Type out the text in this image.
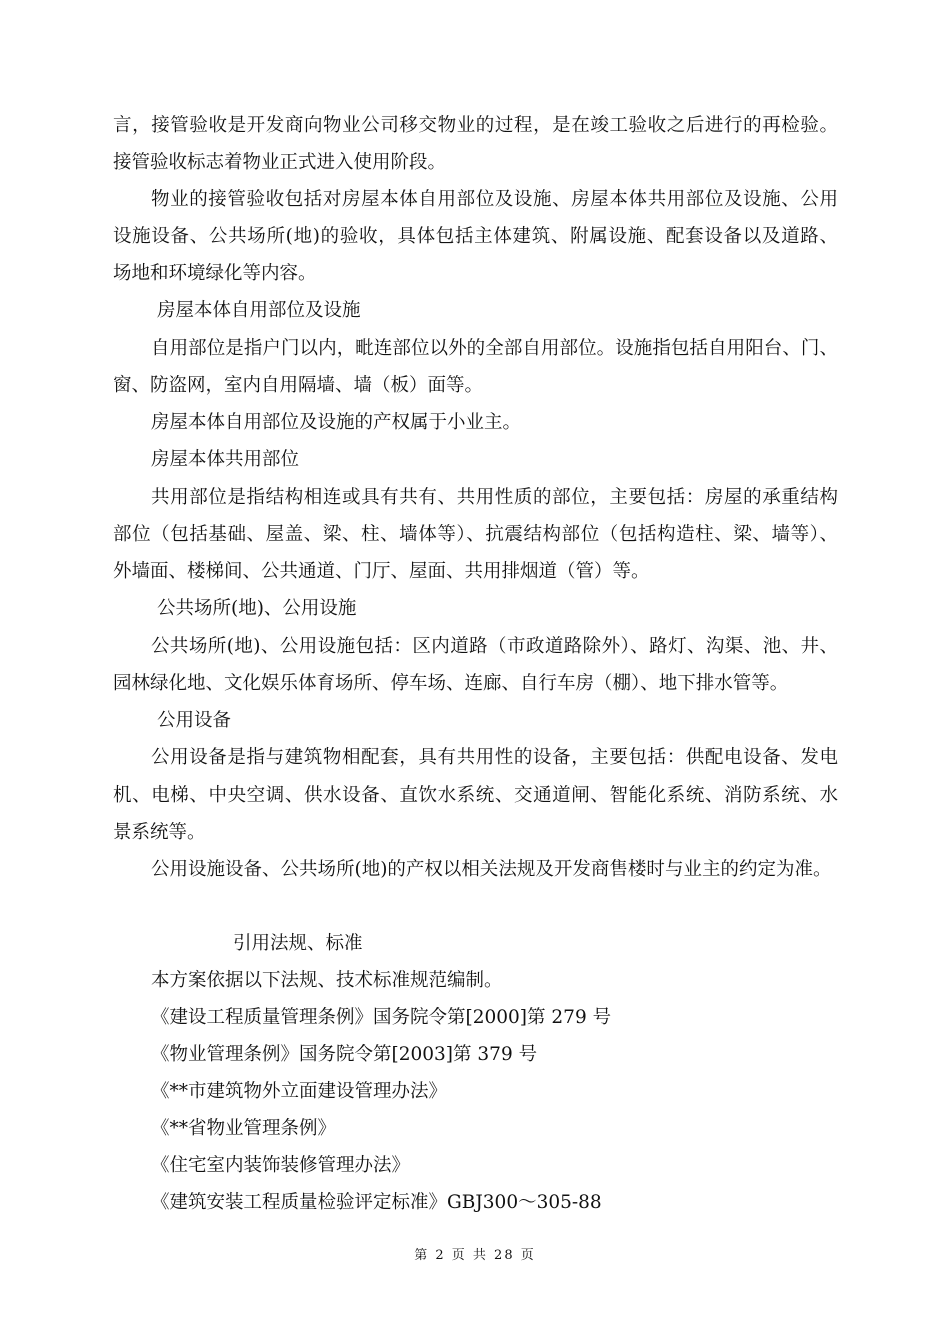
言，接管验收是开发商向物业公司移交物业的过程，是在竣工验收之后进行的再检验。
接管验收标志着物业正式进入使用阶段。
物业的接管验收包括对房屋本体自用部位及设施、房屋本体共用部位及设施、公用
设施设备、公共场所(地)的验收，具体包括主体建筑、附属设施、配套设备以及道路、
场地和环境绿化等内容。
房屋本体自用部位及设施
自用部位是指户门以内，毗连部位以外的全部自用部位。设施指包括自用阳台、门、
窗、防盗网，室内自用隔墙、墙（板）面等。
房屋本体自用部位及设施的产权属于小业主。
房屋本体共用部位
共用部位是指结构相连或具有共有、共用性质的部位，主要包括：房屋的承重结构
部位（包括基础、屋盖、梁、柱、墙体等）、抗震结构部位（包括构造柱、梁、墙等）、
外墙面、楼梯间、公共通道、门厅、屋面、共用排烟道（管）等。
公共场所(地)、公用设施
公共场所(地)、公用设施包括：区内道路（市政道路除外）、路灯、沟渠、池、井、
园林绿化地、文化娱乐体育场所、停车场、连廊、自行车房（棚）、地下排水管等。
公用设备
公用设备是指与建筑物相配套，具有共用性的设备，主要包括：供配电设备、发电
机、电梯、中央空调、供水设备、直饮水系统、交通道闸、智能化系统、消防系统、水
景系统等。
公用设施设备、公共场所(地)的产权以相关法规及开发商售楼时与业主的约定为准。
引用法规、标准
本方案依据以下法规、技术标准规范编制。
《建设工程质量管理条例》国务院令第[2000]第 279 号
《物业管理条例》国务院令第[2003]第 379 号
《**市建筑物外立面建设管理办法》
《**省物业管理条例》
《住宅室内装饰装修管理办法》
《建筑安装工程质量检验评定标准》GBJ300～305-88
第 2 页 共 28 页
